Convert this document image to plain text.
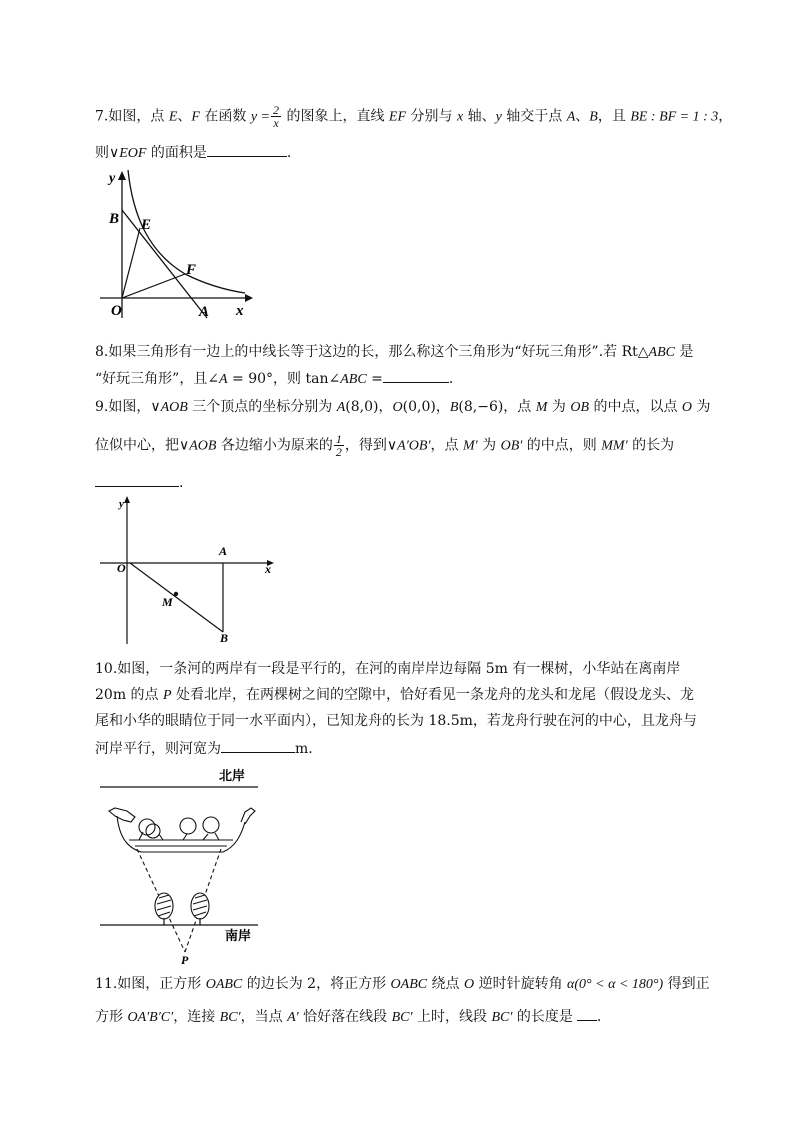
7.如图，点 E、F 在函数 $y = \frac{2}{x}$ 的图象上，直线 EF 分别与 x 轴、y 轴交于点 A、B，且 BE : BF = 1 : 3，
则∨EOF 的面积是	.
y
B E
F
O	A x
8.如果三角形有一边上的中线长等于这边的长，那么称这个三角形为“好玩三角形”.若 Rt△ABC 是
“好玩三角形”，且∠A = 90°，则 tan∠ABC =	.
9.如图，∨AOB 三个顶点的坐标分别为 A(8,0)，O(0,0)，B(8,−6)，点 M 为 OB 的中点，以点 O 为
位似中心，把∨AOB 各边缩小为原来的 $\frac{1}{2}$ ，得到∨A′OB′，点 M′ 为 OB′ 的中点，则 MM′ 的长为
.
y
O
A
x
M
B
10.如图，一条河的两岸有一段是平行的，在河的南岸岸边每隔 5m 有一棵树，小华站在离南岸
20m 的点 P 处看北岸，在两棵树之间的空隙中，恰好看见一条龙舟的龙头和龙尾（假设龙头、龙
尾和小华的眼睛位于同一水平面内），已知龙舟的长为 18.5m，若龙舟行驶在河的中心，且龙舟与
河岸平行，则河宽为	m.
北岸
南岸
P
11.如图，正方形 OABC 的边长为 2，将正方形 OABC 绕点 O 逆时针旋转角 α(0° < α < 180°) 得到正
方形 OA′B′C′，连接 BC′，当点 A′ 恰好落在线段 BC′ 上时，线段 BC′ 的长度是 .
